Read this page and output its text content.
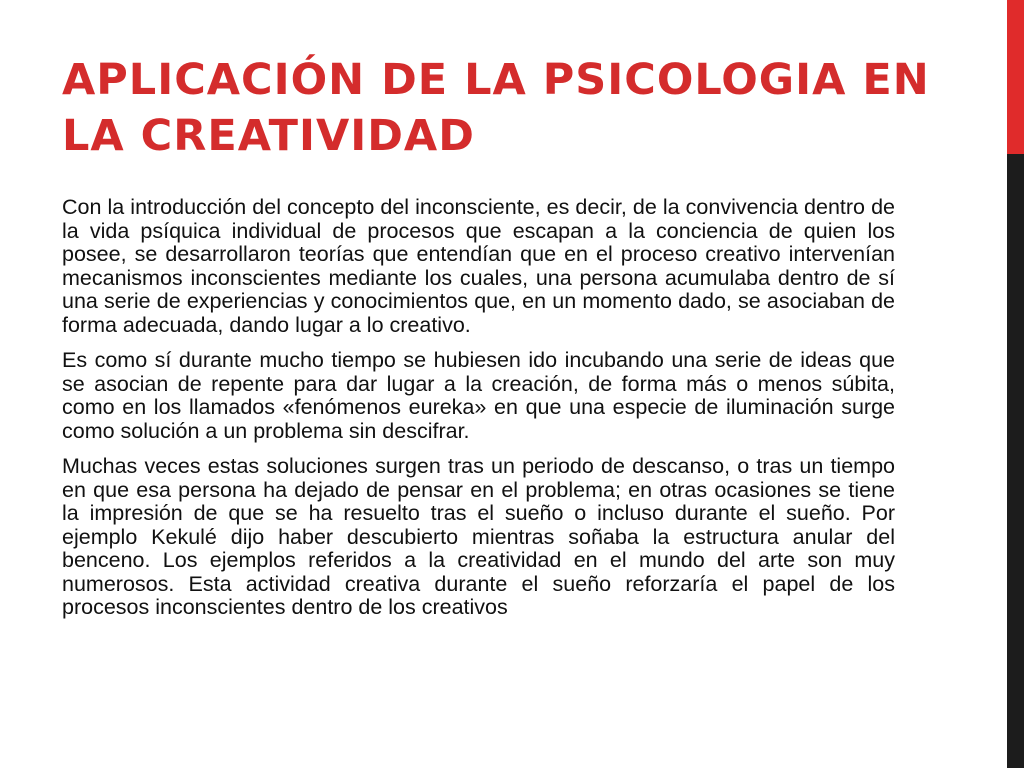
APLICACIÓN DE LA PSICOLOGIA EN LA CREATIVIDAD

Con la introducción del concepto del inconsciente, es decir, de la convivencia dentro de la vida psíquica individual de procesos que escapan a la conciencia de quien los posee, se desarrollaron teorías que entendían que en el proceso creativo intervenían mecanismos inconscientes mediante los cuales, una persona acumulaba dentro de sí una serie de experiencias y conocimientos que, en un momento dado, se asociaban de forma adecuada, dando lugar a lo creativo.

Es como sí durante mucho tiempo se hubiesen ido incubando una serie de ideas que se asocian de repente para dar lugar a la creación, de forma más o menos súbita, como en los llamados «fenómenos eureka» en que una especie de iluminación surge como solución a un problema sin descifrar.

Muchas veces estas soluciones surgen tras un periodo de descanso, o tras un tiempo en que esa persona ha dejado de pensar en el problema; en otras ocasiones se tiene la impresión de que se ha resuelto tras el sueño o incluso durante el sueño. Por ejemplo Kekulé dijo haber descubierto mientras soñaba la estructura anular del benceno. Los ejemplos referidos a la creatividad en el mundo del arte son muy numerosos. Esta actividad creativa durante el sueño reforzaría el papel de los procesos inconscientes dentro de los creativos
